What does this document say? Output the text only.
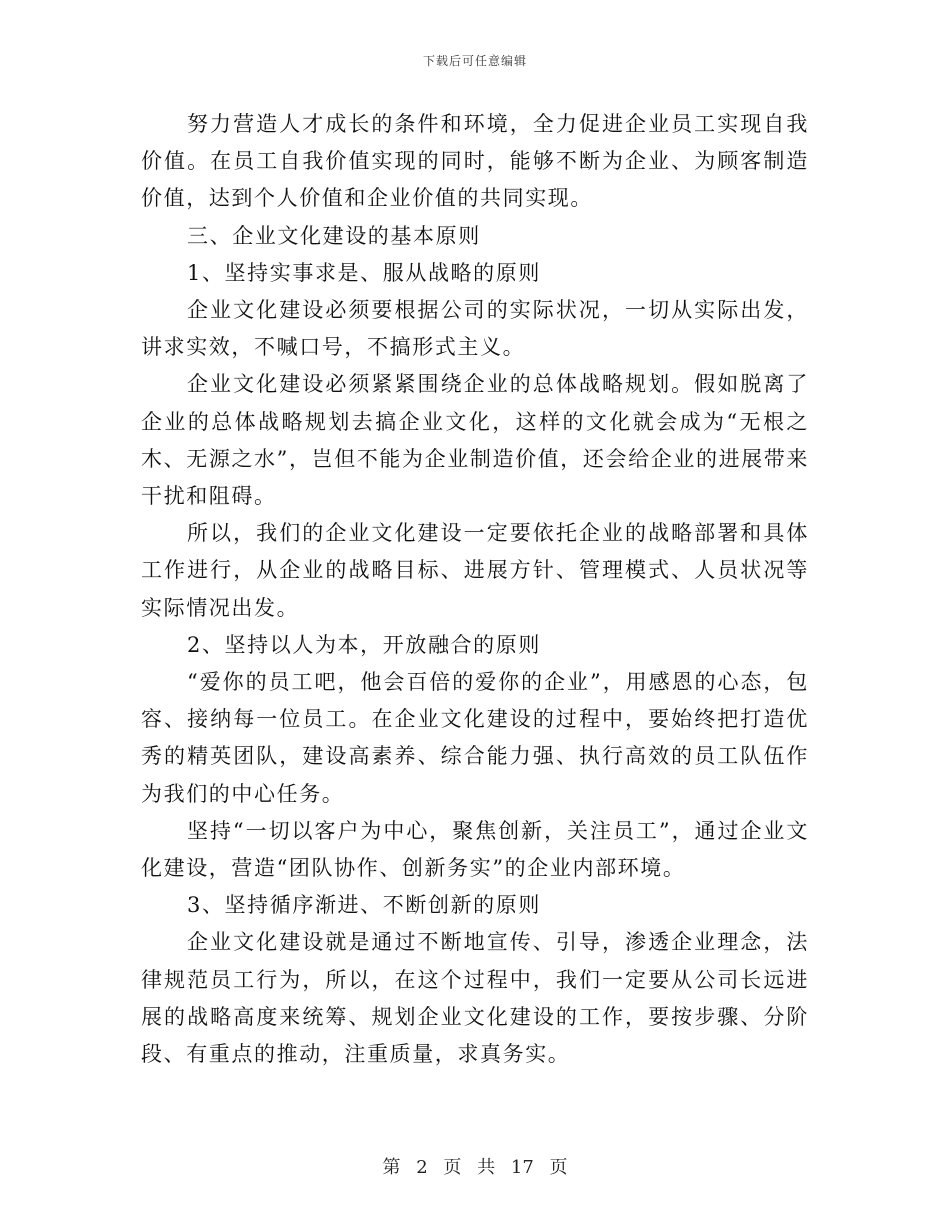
下载后可任意编辑

努力营造人才成长的条件和环境，全力促进企业员工实现自我价值。在员工自我价值实现的同时，能够不断为企业、为顾客制造价值，达到个人价值和企业价值的共同实现。

三、企业文化建设的基本原则

1、坚持实事求是、服从战略的原则

企业文化建设必须要根据公司的实际状况，一切从实际出发，讲求实效，不喊口号，不搞形式主义。

企业文化建设必须紧紧围绕企业的总体战略规划。假如脱离了企业的总体战略规划去搞企业文化，这样的文化就会成为“无根之木、无源之水”，岂但不能为企业制造价值，还会给企业的进展带来干扰和阻碍。

所以，我们的企业文化建设一定要依托企业的战略部署和具体工作进行，从企业的战略目标、进展方针、管理模式、人员状况等实际情况出发。

2、坚持以人为本，开放融合的原则

“爱你的员工吧，他会百倍的爱你的企业”，用感恩的心态，包容、接纳每一位员工。在企业文化建设的过程中，要始终把打造优秀的精英团队，建设高素养、综合能力强、执行高效的员工队伍作为我们的中心任务。

坚持“一切以客户为中心，聚焦创新，关注员工”，通过企业文化建设，营造“团队协作、创新务实”的企业内部环境。

3、坚持循序渐进、不断创新的原则

企业文化建设就是通过不断地宣传、引导，渗透企业理念，法律规范员工行为，所以，在这个过程中，我们一定要从公司长远进展的战略高度来统筹、规划企业文化建设的工作，要按步骤、分阶段、有重点的推动，注重质量，求真务实。

第 2 页 共 17 页
